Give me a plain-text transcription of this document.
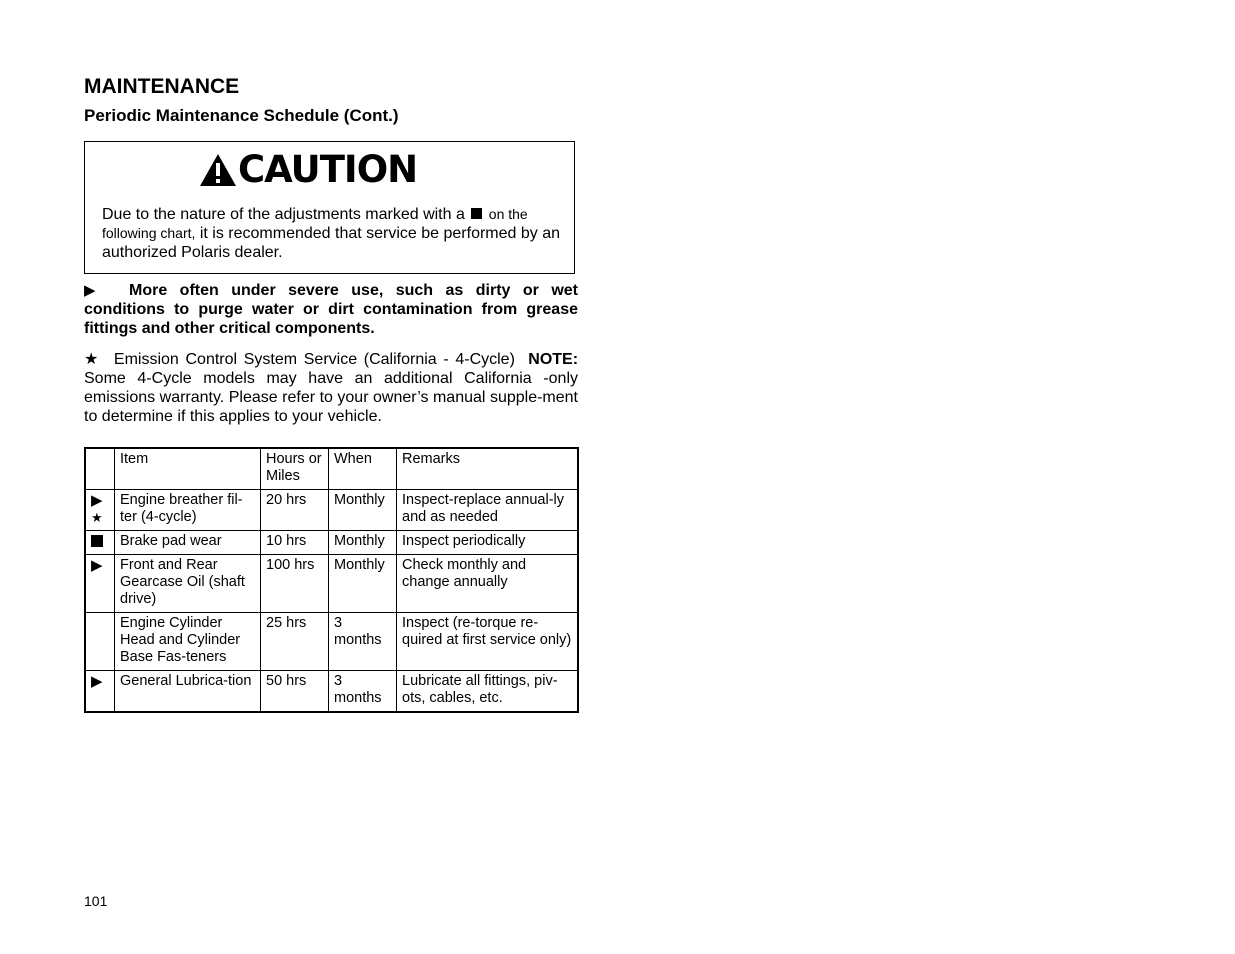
MAINTENANCE
Periodic Maintenance Schedule (Cont.)
CAUTION
Due to the nature of the adjustments marked with a on the following chart, it is recommended that service be performed by an authorized Polaris dealer.

▶ More often under severe use, such as dirty or wet conditions to purge water or dirt contamination from grease fittings and other critical components.

★ Emission Control System Service (California - 4-Cycle) NOTE: Some 4-Cycle models may have an additional California -only emissions warranty. Please refer to your owner’s manual supple-ment to determine if this applies to your vehicle.

	Item	Hours or Miles	When	Remarks

▶
★	Engine breather fil-ter (4-cycle)	20 hrs	Monthly	Inspect-replace annual-ly and as needed

	Brake pad wear	10 hrs	Monthly	Inspect periodically

▶	Front and Rear Gearcase Oil (shaft drive)	100 hrs	Monthly	Check monthly and change annually
	Engine Cylinder Head and Cylinder Base Fas-teners	25 hrs	3 months	Inspect (re-torque re-quired at first service only)

▶	General Lubrica-tion	50 hrs	3 months	Lubricate all fittings, piv-ots, cables, etc.

101
